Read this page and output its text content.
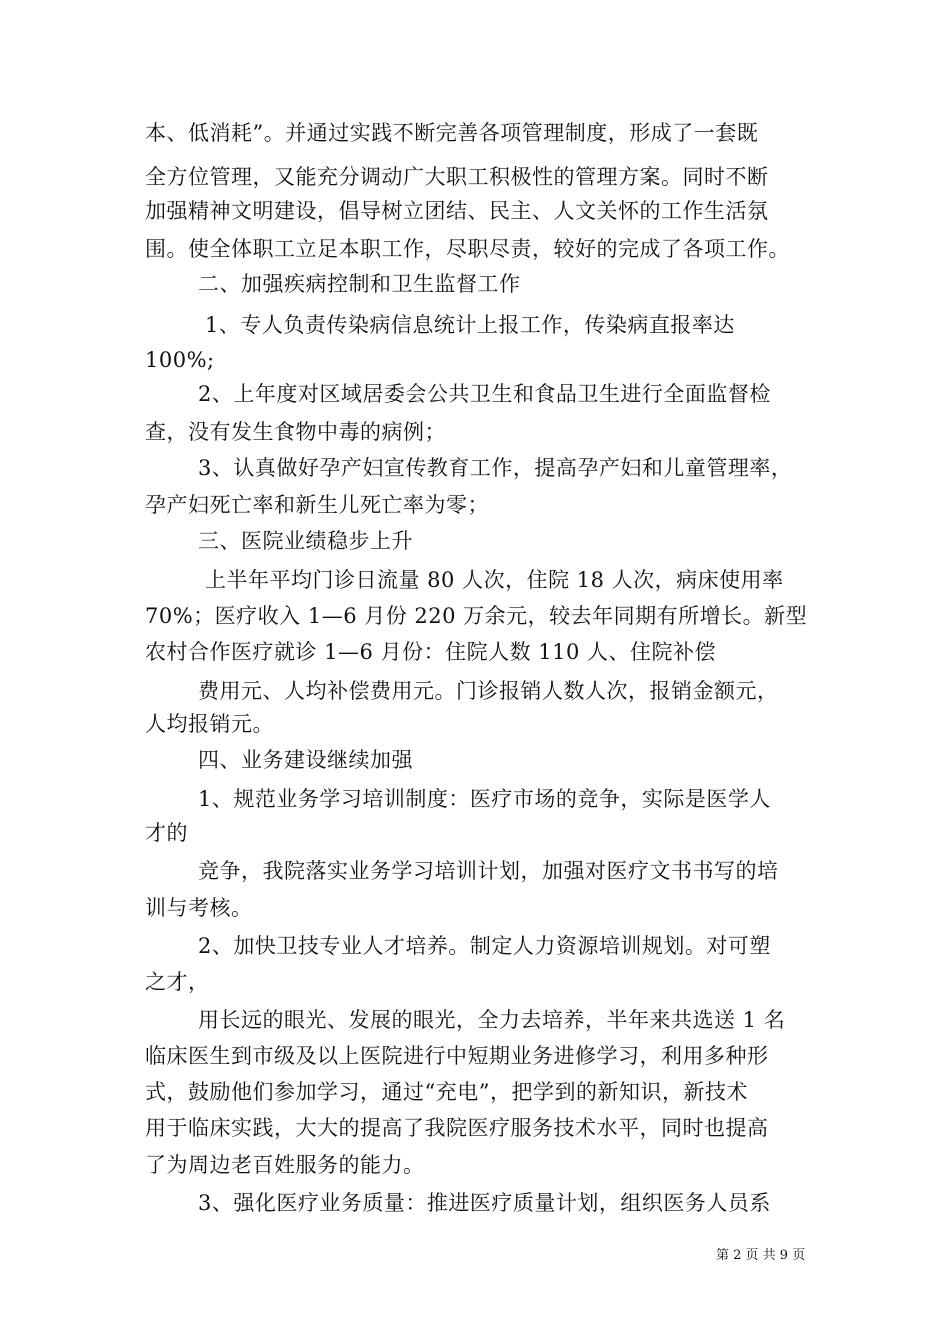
本、低消耗”。并通过实践不断完善各项管理制度，形成了一套既
全方位管理，又能充分调动广大职工积极性的管理方案。同时不断
加强精神文明建设，倡导树立团结、民主、人文关怀的工作生活氛
围。使全体职工立足本职工作，尽职尽责，较好的完成了各项工作。
二、加强疾病控制和卫生监督工作
1、专人负责传染病信息统计上报工作，传染病直报率达
100%;
2、上年度对区域居委会公共卫生和食品卫生进行全面监督检
查，没有发生食物中毒的病例；
3、认真做好孕产妇宣传教育工作，提高孕产妇和儿童管理率，
孕产妇死亡率和新生儿死亡率为零；
三、医院业绩稳步上升
上半年平均门诊日流量 80 人次，住院 18 人次，病床使用率
70%；医疗收入 1—6 月份 220 万余元，较去年同期有所增长。新型
农村合作医疗就诊 1—6 月份：住院人数 110 人、住院补偿
费用元、人均补偿费用元。门诊报销人数人次，报销金额元，
人均报销元。
四、业务建设继续加强
1、规范业务学习培训制度：医疗市场的竞争，实际是医学人
才的
竞争，我院落实业务学习培训计划，加强对医疗文书书写的培
训与考核。
2、加快卫技专业人才培养。制定人力资源培训规划。对可塑
之才，
用长远的眼光、发展的眼光，全力去培养，半年来共选送 1 名
临床医生到市级及以上医院进行中短期业务进修学习，利用多种形
式，鼓励他们参加学习，通过“充电”，把学到的新知识，新技术
用于临床实践，大大的提高了我院医疗服务技术水平，同时也提高
了为周边老百姓服务的能力。
3、强化医疗业务质量：推进医疗质量计划，组织医务人员系
第 2 页 共 9 页
